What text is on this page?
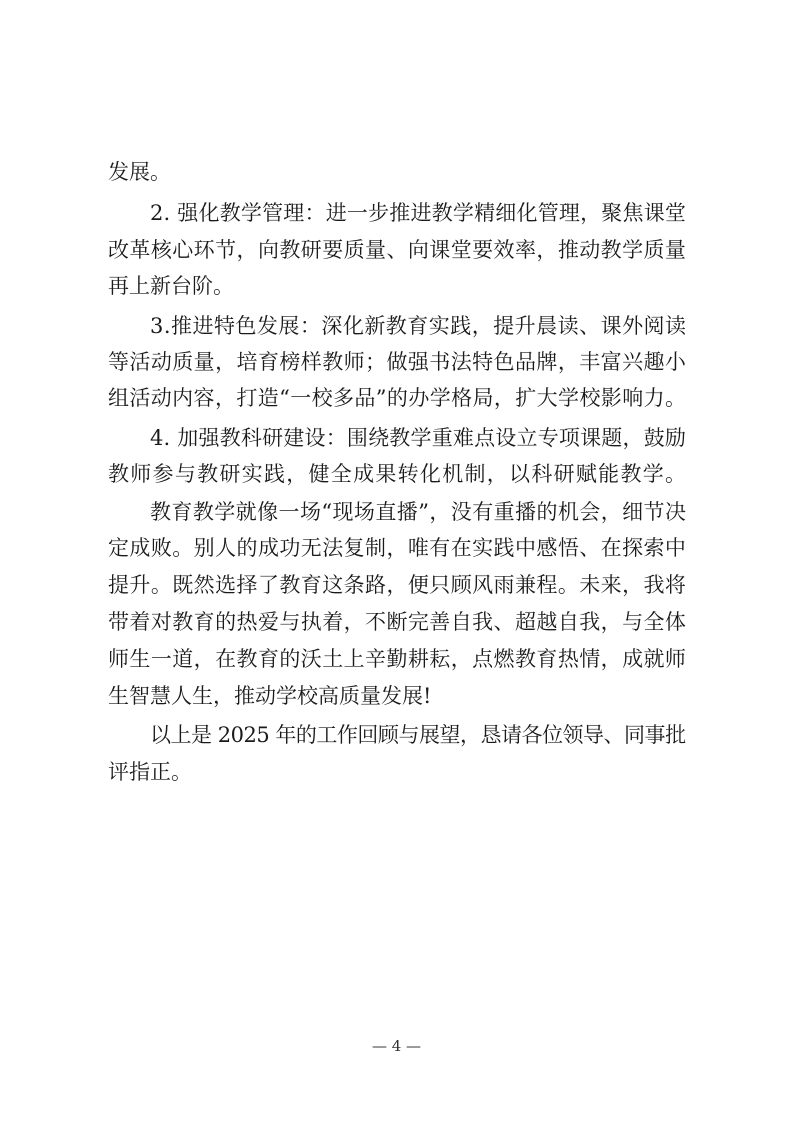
发展。
2. 强化教学管理：进一步推进教学精细化管理，聚焦课堂
改革核心环节，向教研要质量、向课堂要效率，推动教学质量
再上新台阶。
3.推进特色发展：深化新教育实践，提升晨读、课外阅读
等活动质量，培育榜样教师；做强书法特色品牌，丰富兴趣小
组活动内容，打造“一校多品”的办学格局，扩大学校影响力。
4. 加强教科研建设：围绕教学重难点设立专项课题，鼓励
教师参与教研实践，健全成果转化机制，以科研赋能教学。
教育教学就像一场“现场直播”，没有重播的机会，细节决
定成败。别人的成功无法复制，唯有在实践中感悟、在探索中
提升。既然选择了教育这条路，便只顾风雨兼程。未来，我将
带着对教育的热爱与执着，不断完善自我、超越自我，与全体
师生一道，在教育的沃土上辛勤耕耘，点燃教育热情，成就师
生智慧人生，推动学校高质量发展!
以上是 2025 年的工作回顾与展望，恳请各位领导、同事批
评指正。
— 4 —
